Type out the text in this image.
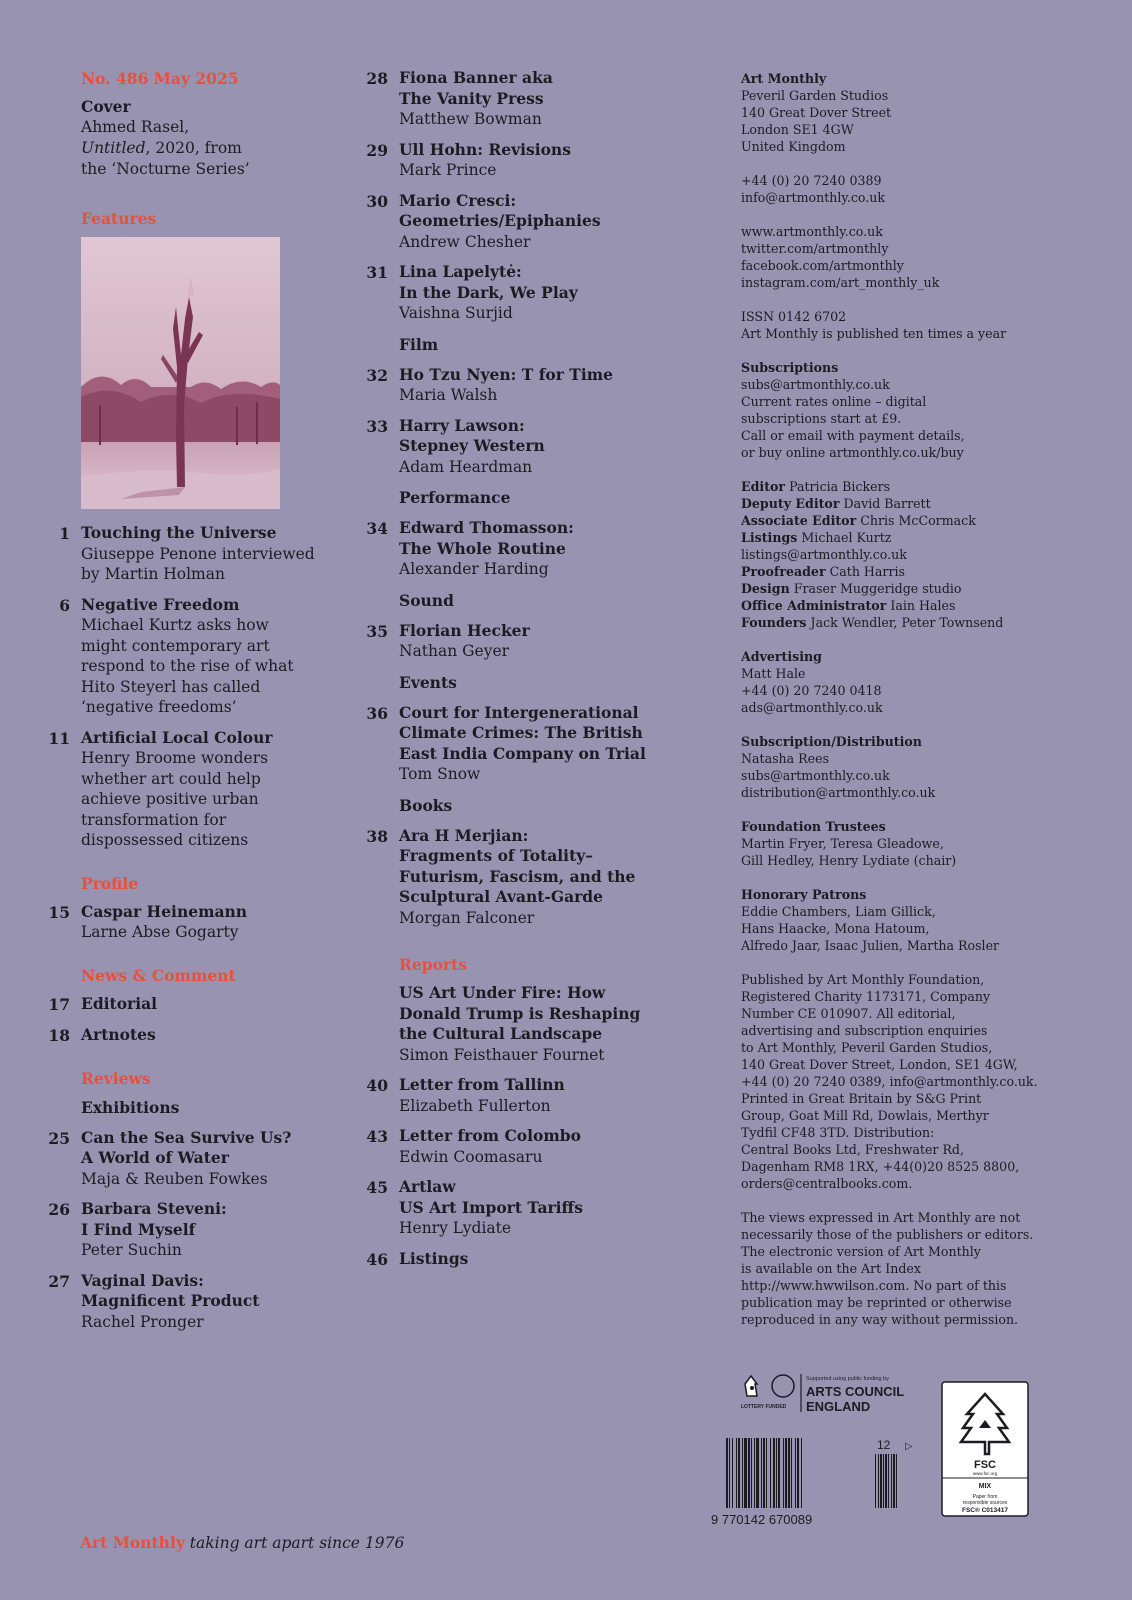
No. 486 May 2025
Cover
Ahmed Rasel,
Untitled, 2020, from
the ‘Nocturne Series’
Features
1 Touching the Universe
Giuseppe Penone interviewed
by Martin Holman
6 Negative Freedom
Michael Kurtz asks how
might contemporary art
respond to the rise of what
Hito Steyerl has called
‘negative freedoms’
11 Artificial Local Colour
Henry Broome wonders
whether art could help
achieve positive urban
transformation for
dispossessed citizens
Profile
15 Caspar Heinemann
Larne Abse Gogarty
News & Comment
17 Editorial
18 Artnotes
Reviews
Exhibitions
25 Can the Sea Survive Us?
A World of Water
Maja & Reuben Fowkes
26 Barbara Steveni:
I Find Myself
Peter Suchin
27 Vaginal Davis:
Magnificent Product
Rachel Pronger
28 Fiona Banner aka
The Vanity Press
Matthew Bowman
29 Ull Hohn: Revisions
Mark Prince
30 Mario Cresci:
Geometries/Epiphanies
Andrew Chesher
31 Lina Lapelytė:
In the Dark, We Play
Vaishna Surjid
Film
32 Ho Tzu Nyen: T for Time
Maria Walsh
33 Harry Lawson:
Stepney Western
Adam Heardman
Performance
34 Edward Thomasson:
The Whole Routine
Alexander Harding
Sound
35 Florian Hecker
Nathan Geyer
Events
36 Court for Intergenerational
Climate Crimes: The British
East India Company on Trial
Tom Snow
Books
38 Ara H Merjian:
Fragments of Totality–
Futurism, Fascism, and the
Sculptural Avant-Garde
Morgan Falconer
Reports
US Art Under Fire: How
Donald Trump is Reshaping
the Cultural Landscape
Simon Feisthauer Fournet
40 Letter from Tallinn
Elizabeth Fullerton
43 Letter from Colombo
Edwin Coomasaru
45 Artlaw
US Art Import Tariffs
Henry Lydiate
46 Listings
Art Monthly
Peveril Garden Studios
140 Great Dover Street
London SE1 4GW
United Kingdom
+44 (0) 20 7240 0389
info@artmonthly.co.uk
www.artmonthly.co.uk
twitter.com/artmonthly
facebook.com/artmonthly
instagram.com/art_monthly_uk
ISSN 0142 6702
Art Monthly is published ten times a year
Subscriptions
subs@artmonthly.co.uk
Current rates online – digital
subscriptions start at £9.
Call or email with payment details,
or buy online artmonthly.co.uk/buy
Editor Patricia Bickers
Deputy Editor David Barrett
Associate Editor Chris McCormack
Listings Michael Kurtz
listings@artmonthly.co.uk
Proofreader Cath Harris
Design Fraser Muggeridge studio
Office Administrator Iain Hales
Founders Jack Wendler, Peter Townsend
Advertising
Matt Hale
+44 (0) 20 7240 0418
ads@artmonthly.co.uk
Subscription/Distribution
Natasha Rees
subs@artmonthly.co.uk
distribution@artmonthly.co.uk
Foundation Trustees
Martin Fryer, Teresa Gleadowe,
Gill Hedley, Henry Lydiate (chair)
Honorary Patrons
Eddie Chambers, Liam Gillick,
Hans Haacke, Mona Hatoum,
Alfredo Jaar, Isaac Julien, Martha Rosler
Published by Art Monthly Foundation,
Registered Charity 1173171, Company
Number CE 010907. All editorial,
advertising and subscription enquiries
to Art Monthly, Peveril Garden Studios,
140 Great Dover Street, London, SE1 4GW,
+44 (0) 20 7240 0389, info@artmonthly.co.uk.
Printed in Great Britain by S&G Print
Group, Goat Mill Rd, Dowlais, Merthyr
Tydfil CF48 3TD. Distribution:
Central Books Ltd, Freshwater Rd,
Dagenham RM8 1RX, +44(0)20 8525 8800,
orders@centralbooks.com.
The views expressed in Art Monthly are not
necessarily those of the publishers or editors.
The electronic version of Art Monthly
is available on the Art Index
http://www.hwwilson.com. No part of this
publication may be reprinted or otherwise
reproduced in any way without permission.
LOTTERY FUNDED
Supported using public funding by
ARTS COUNCIL
ENGLAND
12 ▷
9 770142 670089
FSC
www.fsc.org
MIX
Paper from responsible sources
FSC® C013417
Art Monthly taking art apart since 1976
